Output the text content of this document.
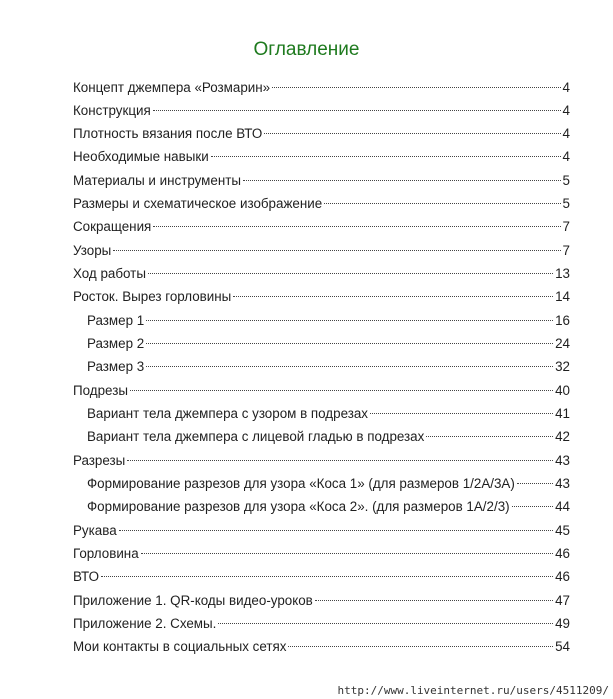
Оглавление
Концепт джемпера «Розмарин»	4
Конструкция	4
Плотность вязания после ВТО	4
Необходимые навыки	4
Материалы и инструменты	5
Размеры и схематическое изображение	5
Сокращения	7
Узоры	7
Ход работы	13
Росток. Вырез горловины	14
Размер 1	16
Размер 2	24
Размер 3	32
Подрезы	40
Вариант тела джемпера с узором в подрезах	41
Вариант тела джемпера с лицевой гладью в подрезах	42
Разрезы	43
Формирование разрезов для узора «Коса 1» (для размеров 1/2А/3А)	43
Формирование разрезов для узора «Коса 2». (для размеров 1А/2/3)	44
Рукава	45
Горловина	46
ВТО	46
Приложение 1. QR-коды видео-уроков	47
Приложение 2. Схемы.	49
Мои контакты в социальных сетях	54
http://www.liveinternet.ru/users/4511209/
